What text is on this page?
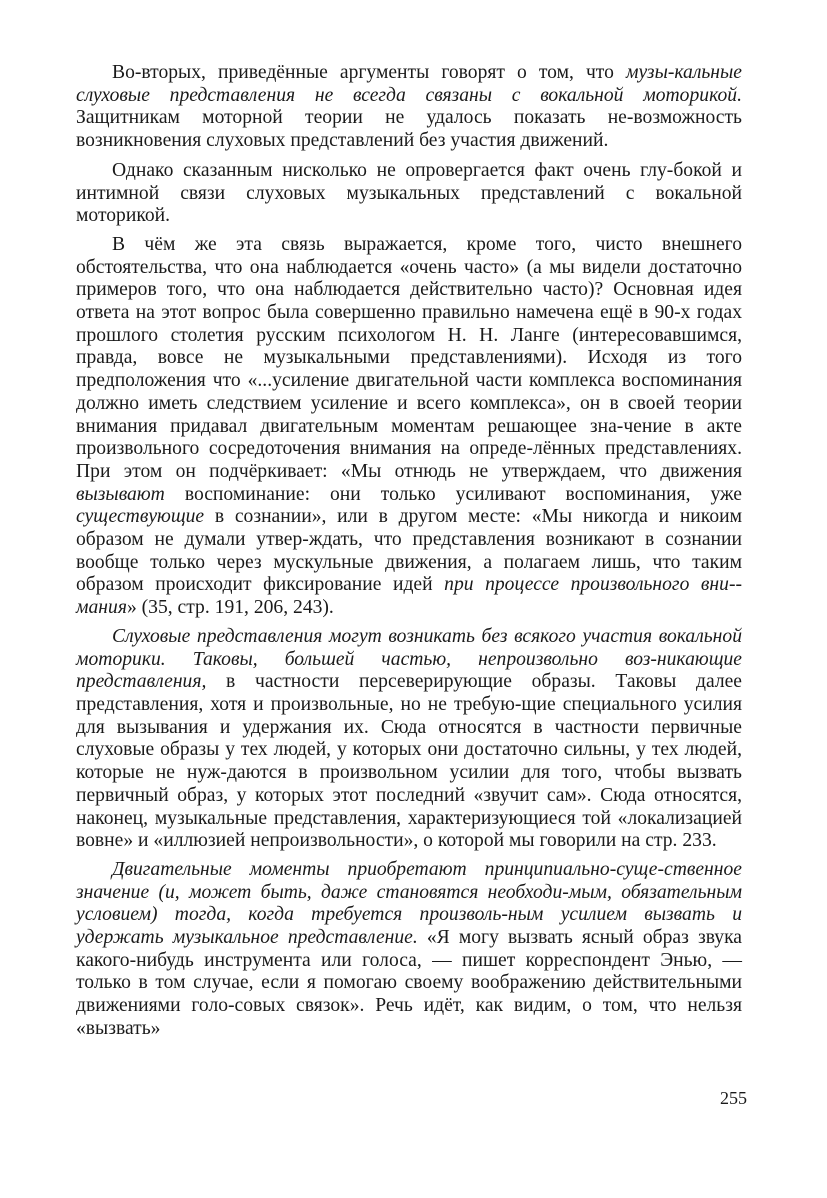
Во-вторых, приведённые аргументы говорят о том, что музы-кальные слуховые представления не всегда связаны с вокальной моторикой. Защитникам моторной теории не удалось показать не-возможность возникновения слуховых представлений без участия движений.

Однако сказанным нисколько не опровергается факт очень глу-бокой и интимной связи слуховых музыкальных представлений с вокальной моторикой.

В чём же эта связь выражается, кроме того, чисто внешнего обстоятельства, что она наблюдается «очень часто» (а мы видели достаточно примеров того, что она наблюдается действительно часто)? Основная идея ответа на этот вопрос была совершенно правильно намечена ещё в 90-х годах прошлого столетия русским психологом Н. Н. Ланге (интересовавшимся, правда, вовсе не музыкальными представлениями). Исходя из того предположения что «...усиление двигательной части комплекса воспоминания должно иметь следствием усиление и всего комплекса», он в своей теории внимания придавал двигательным моментам решающее зна-чение в акте произвольного сосредоточения внимания на опреде-лённых представлениях. При этом он подчёркивает: «Мы отнюдь не утверждаем, что движения вызывают воспоминание: они только усиливают воспоминания, уже существующие в сознании», или в другом месте: «Мы никогда и никоим образом не думали утвер-ждать, что представления возникают в сознании вообще только через мускульные движения, а полагаем лишь, что таким образом происходит фиксирование идей при процессе произвольного вни-мания» (35, стр. 191, 206, 243).

Слуховые представления могут возникать без всякого участия вокальной моторики. Таковы, большей частью, непроизвольно воз-никающие представления, в частности персеверирующие образы. Таковы далее представления, хотя и произвольные, но не требую-щие специального усилия для вызывания и удержания их. Сюда относятся в частности первичные слуховые образы у тех людей, у которых они достаточно сильны, у тех людей, которые не нуж-даются в произвольном усилии для того, чтобы вызвать первичный образ, у которых этот последний «звучит сам». Сюда относятся, наконец, музыкальные представления, характеризующиеся той «локализацией вовне» и «иллюзией непроизвольности», о которой мы говорили на стр. 233.

Двигательные моменты приобретают принципиально-суще-ственное значение (и, может быть, даже становятся необходи-мым, обязательным условием) тогда, когда требуется произволь-ным усилием вызвать и удержать музыкальное представление. «Я могу вызвать ясный образ звука какого-нибудь инструмента или голоса, — пишет корреспондент Энью, — только в том случае, если я помогаю своему воображению действительными движениями голо-совых связок». Речь идёт, как видим, о том, что нельзя «вызвать»

255
